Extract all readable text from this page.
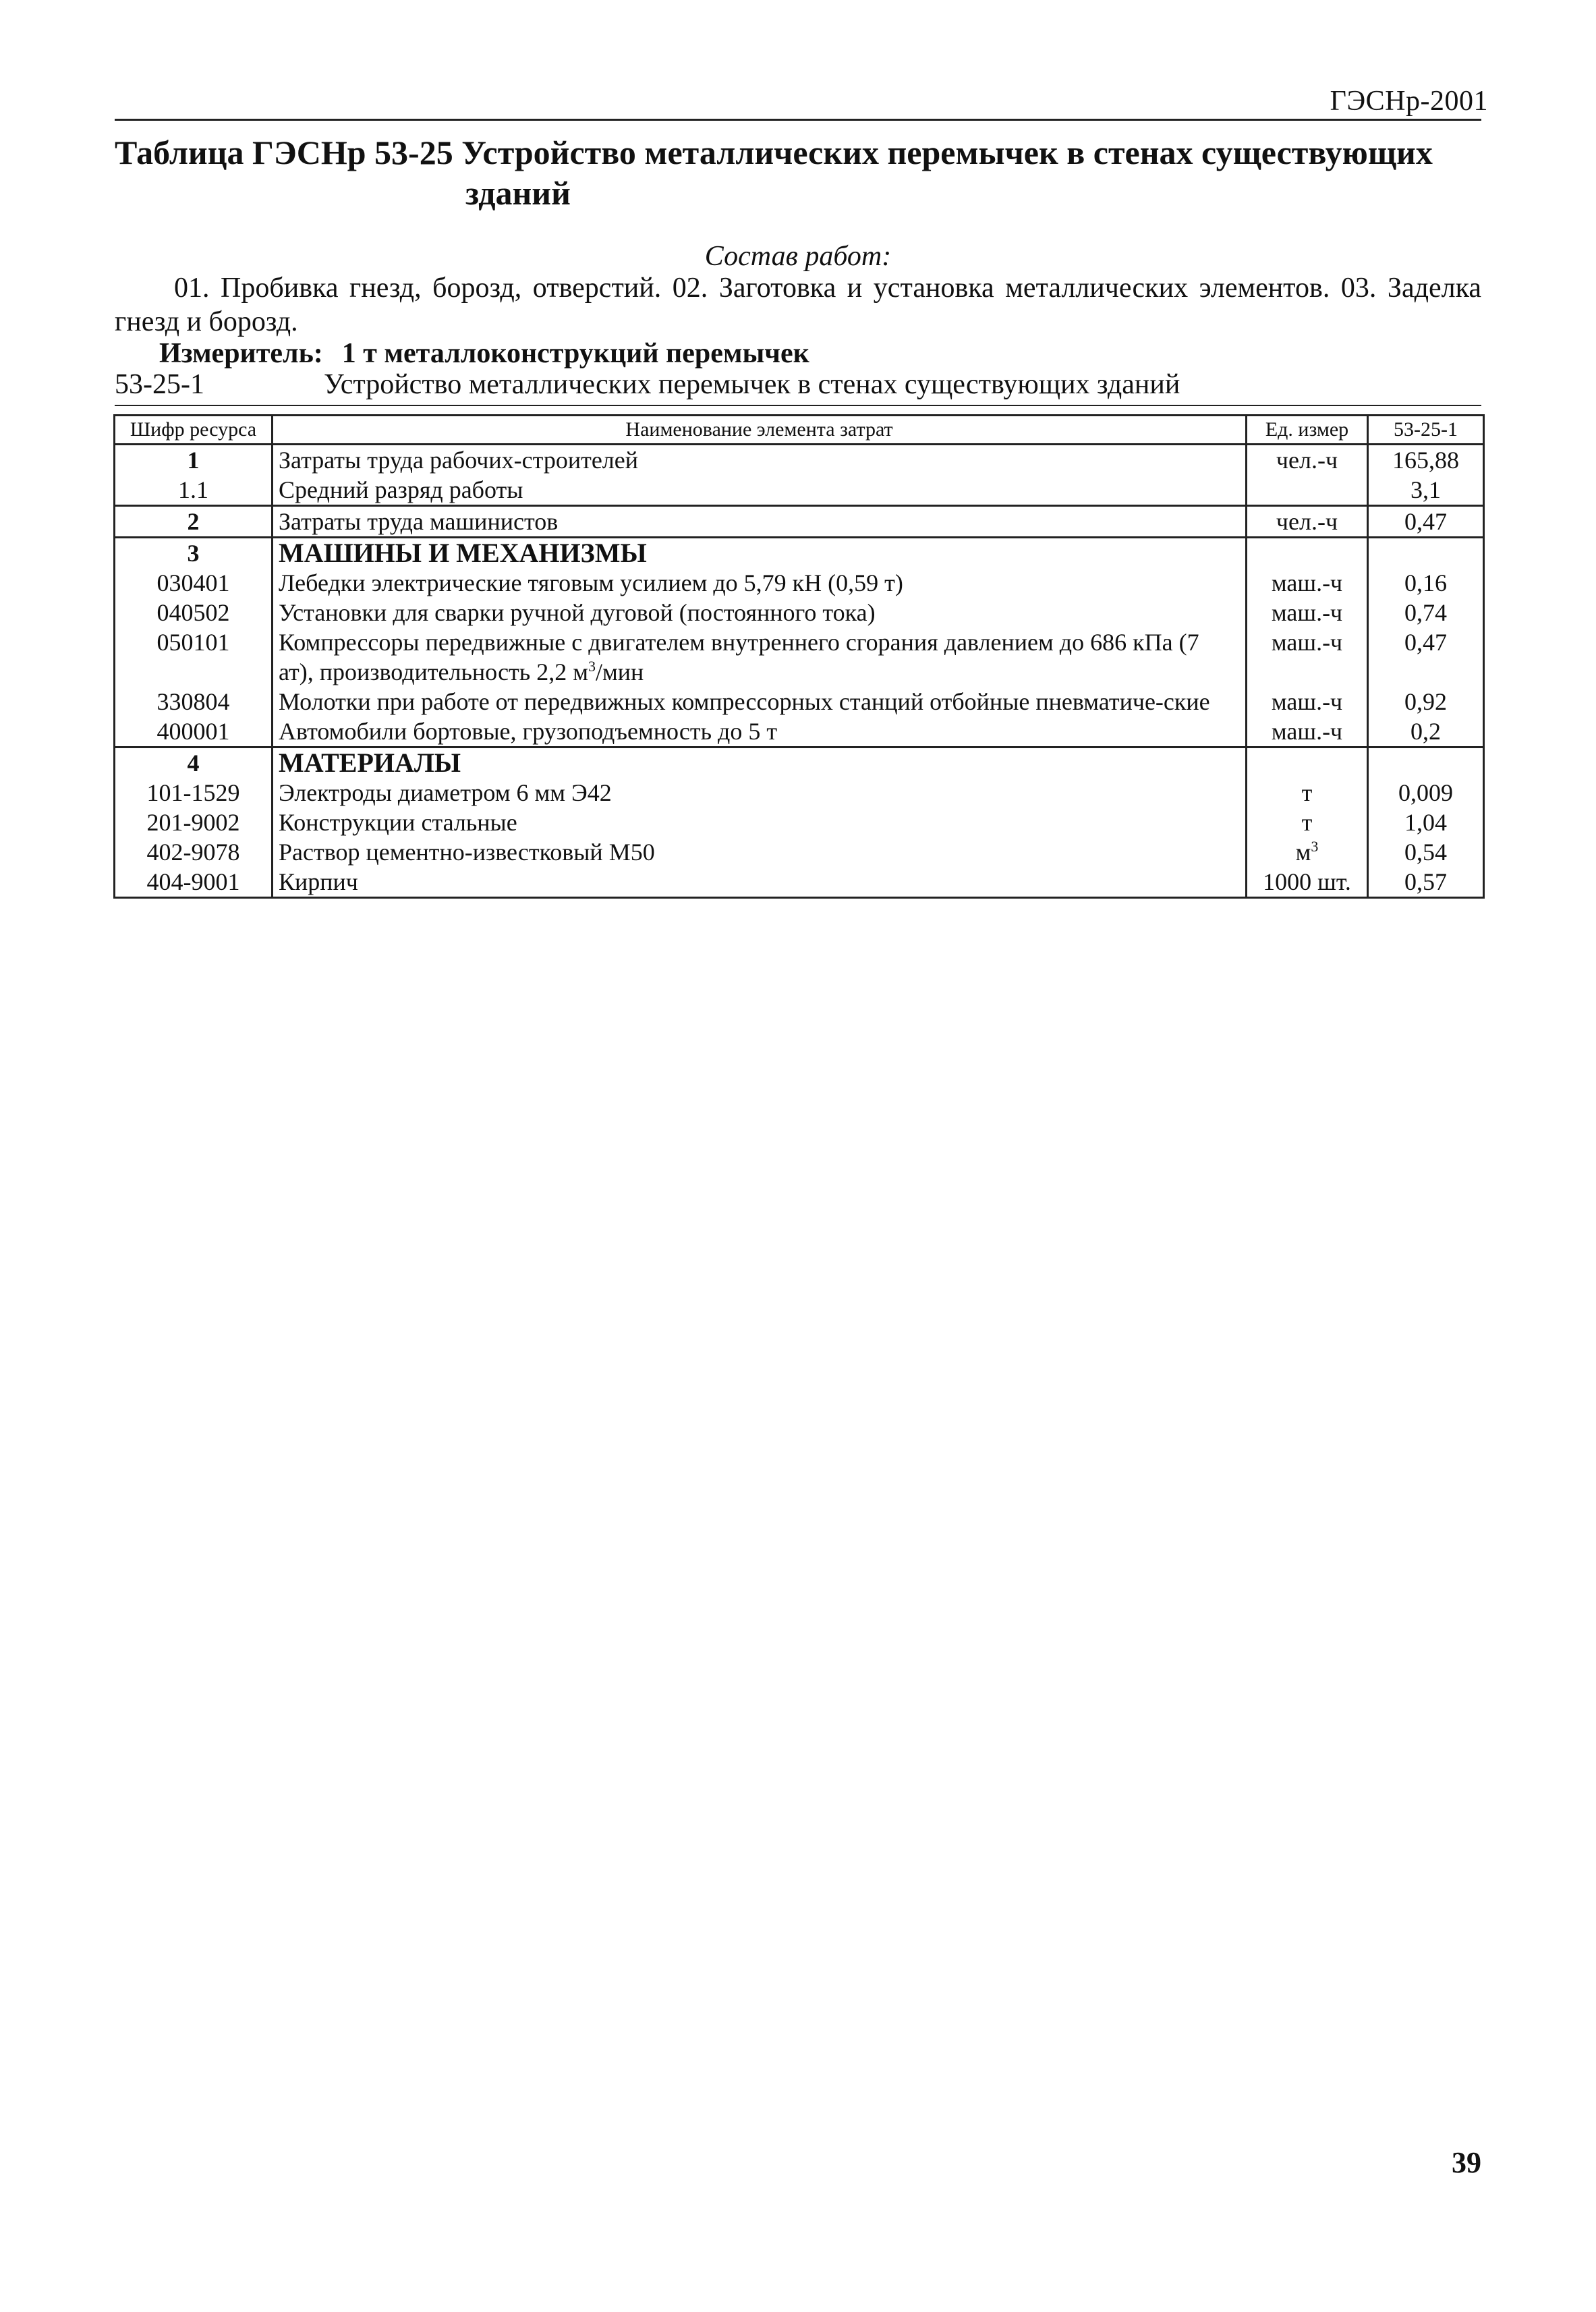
ГЭСНр-2001
Таблица ГЭСНр 53-25 Устройство металлических перемычек в стенах существующих
зданий
Состав работ:
01. Пробивка гнезд, борозд, отверстий. 02. Заготовка и установка металлических элементов. 03. Заделка гнезд и борозд.
Измеритель: 1 т металлоконструкций перемычек
53-25-1	Устройство металлических перемычек в стенах существующих зданий
Шифр ресурса	Наименование элемента затрат	Ед. измер	53-25-1
1	Затраты труда рабочих-строителей	чел.-ч	165,88
1.1	Средний разряд работы		3,1
2	Затраты труда машинистов	чел.-ч	0,47
3	МАШИНЫ И МЕХАНИЗМЫ		
030401	Лебедки электрические тяговым усилием до 5,79 кН (0,59 т)	маш.-ч	0,16
040502	Установки для сварки ручной дуговой (постоянного тока)	маш.-ч	0,74
050101	Компрессоры передвижные с двигателем внутреннего сгорания давлением до 686 кПа (7 ат), производительность 2,2 $м^3$/мин	маш.-ч	0,47
330804	Молотки при работе от передвижных компрессорных станций отбойные пневматиче-ские	маш.-ч	0,92
400001	Автомобили бортовые, грузоподъемность до 5 т	маш.-ч	0,2
4	МАТЕРИАЛЫ		
101-1529	Электроды диаметром 6 мм Э42	т	0,009
201-9002	Конструкции стальные	т	1,04
402-9078	Раствор цементно-известковый М50	$м^3$	0,54
404-9001	Кирпич	1000 шт.	0,57
39
